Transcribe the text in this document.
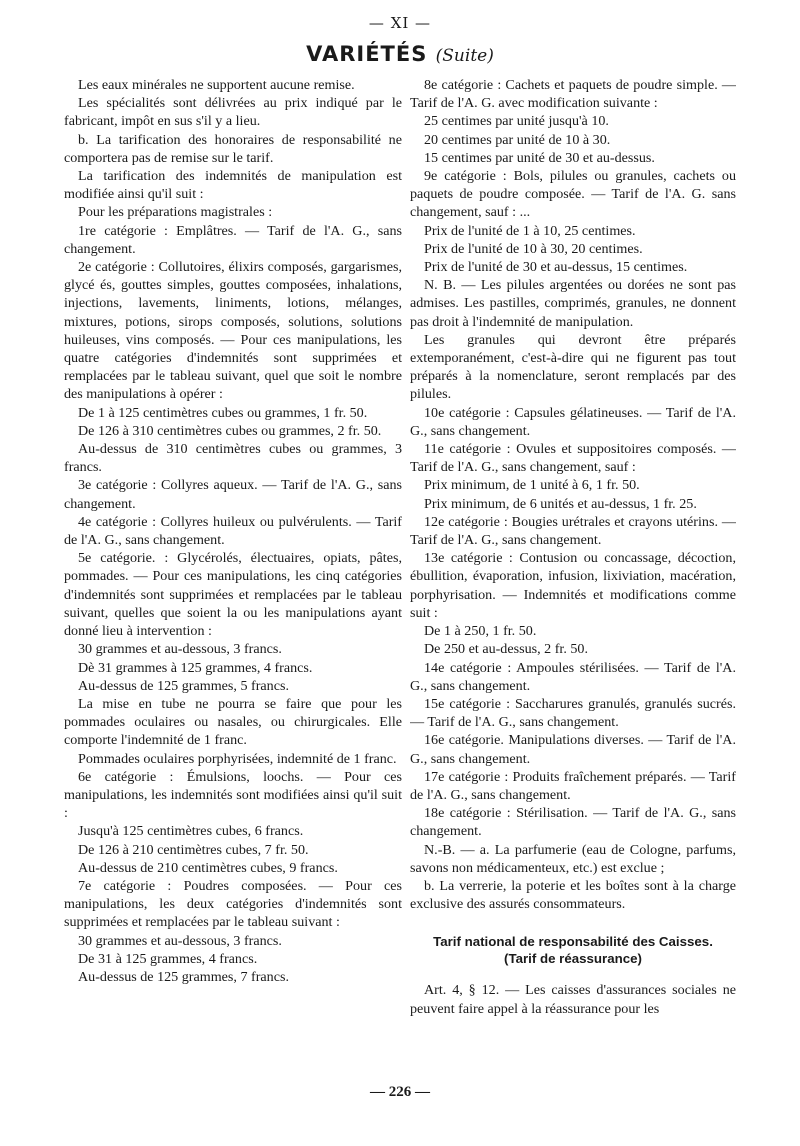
— XI —
VARIÉTÉS (Suite)

Les eaux minérales ne supportent aucune remise.

Les spécialités sont délivrées au prix indiqué par le fabricant, impôt en sus s'il y a lieu.

b. La tarification des honoraires de responsabilité ne comportera pas de remise sur le tarif.

La tarification des indemnités de manipulation est modifiée ainsi qu'il suit :

Pour les préparations magistrales :

1re catégorie : Emplâtres. — Tarif de l'A. G., sans changement.

2e catégorie : Collutoires, élixirs composés, gargarismes, glycé és, gouttes simples, gouttes composées, inhalations, injections, lavements, liniments, lotions, mélanges, mixtures, potions, sirops composés, solutions, solutions huileuses, vins composés. — Pour ces manipulations, les quatre catégories d'indemnités sont supprimées et remplacées par le tableau suivant, quel que soit le nombre des manipulations à opérer :

De 1 à 125 centimètres cubes ou grammes, 1 fr. 50.

De 126 à 310 centimètres cubes ou grammes, 2 fr. 50.

Au-dessus de 310 centimètres cubes ou grammes, 3 francs.

3e catégorie : Collyres aqueux. — Tarif de l'A. G., sans changement.

4e catégorie : Collyres huileux ou pulvérulents. — Tarif de l'A. G., sans changement.

5e catégorie. : Glycérolés, électuaires, opiats, pâtes, pommades. — Pour ces manipulations, les cinq catégories d'indemnités sont supprimées et remplacées par le tableau suivant, quelles que soient la ou les manipulations ayant donné lieu à intervention :

30 grammes et au-dessous, 3 francs.

Dè 31 grammes à 125 grammes, 4 francs.

Au-dessus de 125 grammes, 5 francs.

La mise en tube ne pourra se faire que pour les pommades oculaires ou nasales, ou chirurgicales. Elle comporte l'indemnité de 1 franc.

Pommades oculaires porphyrisées, indemnité de 1 franc.

6e catégorie : Émulsions, loochs. — Pour ces manipulations, les indemnités sont modifiées ainsi qu'il suit :

Jusqu'à 125 centimètres cubes, 6 francs.

De 126 à 210 centimètres cubes, 7 fr. 50.

Au-dessus de 210 centimètres cubes, 9 francs.

7e catégorie : Poudres composées. — Pour ces manipulations, les deux catégories d'indemnités sont supprimées et remplacées par le tableau suivant :

30 grammes et au-dessous, 3 francs.

De 31 à 125 grammes, 4 francs.

Au-dessus de 125 grammes, 7 francs.

8e catégorie : Cachets et paquets de poudre simple. — Tarif de l'A. G. avec modification suivante :

25 centimes par unité jusqu'à 10.

20 centimes par unité de 10 à 30.

15 centimes par unité de 30 et au-dessus.

9e catégorie : Bols, pilules ou granules, cachets ou paquets de poudre composée. — Tarif de l'A. G. sans changement, sauf : ...

Prix de l'unité de 1 à 10, 25 centimes.

Prix de l'unité de 10 à 30, 20 centimes.

Prix de l'unité de 30 et au-dessus, 15 centimes.

N. B. — Les pilules argentées ou dorées ne sont pas admises. Les pastilles, comprimés, granules, ne donnent pas droit à l'indemnité de manipulation.

Les granules qui devront être préparés extemporanément, c'est-à-dire qui ne figurent pas tout préparés à la nomenclature, seront remplacés par des pilules.

10e catégorie : Capsules gélatineuses. — Tarif de l'A. G., sans changement.

11e catégorie : Ovules et suppositoires composés. — Tarif de l'A. G., sans changement, sauf :

Prix minimum, de 1 unité à 6, 1 fr. 50.

Prix minimum, de 6 unités et au-dessus, 1 fr. 25.

12e catégorie : Bougies urétrales et crayons utérins. — Tarif de l'A. G., sans changement.

13e catégorie : Contusion ou concassage, décoction, ébullition, évaporation, infusion, lixiviation, macération, porphyrisation. — Indemnités et modifications comme suit :

De 1 à 250, 1 fr. 50.

De 250 et au-dessus, 2 fr. 50.

14e catégorie : Ampoules stérilisées. — Tarif de l'A. G., sans changement.

15e catégorie : Saccharures granulés, granulés sucrés. — Tarif de l'A. G., sans changement.

16e catégorie. Manipulations diverses. — Tarif de l'A. G., sans changement.

17e catégorie : Produits fraîchement préparés. — Tarif de l'A. G., sans changement.

18e catégorie : Stérilisation. — Tarif de l'A. G., sans changement.

N.-B. — a. La parfumerie (eau de Cologne, parfums, savons non médicamenteux, etc.) est exclue ;

b. La verrerie, la poterie et les boîtes sont à la charge exclusive des assurés consommateurs.

Tarif national de responsabilité des Caisses.
(Tarif de réassurance)

Art. 4, § 12. — Les caisses d'assurances sociales ne peuvent faire appel à la réassurance pour les

— 226 —
